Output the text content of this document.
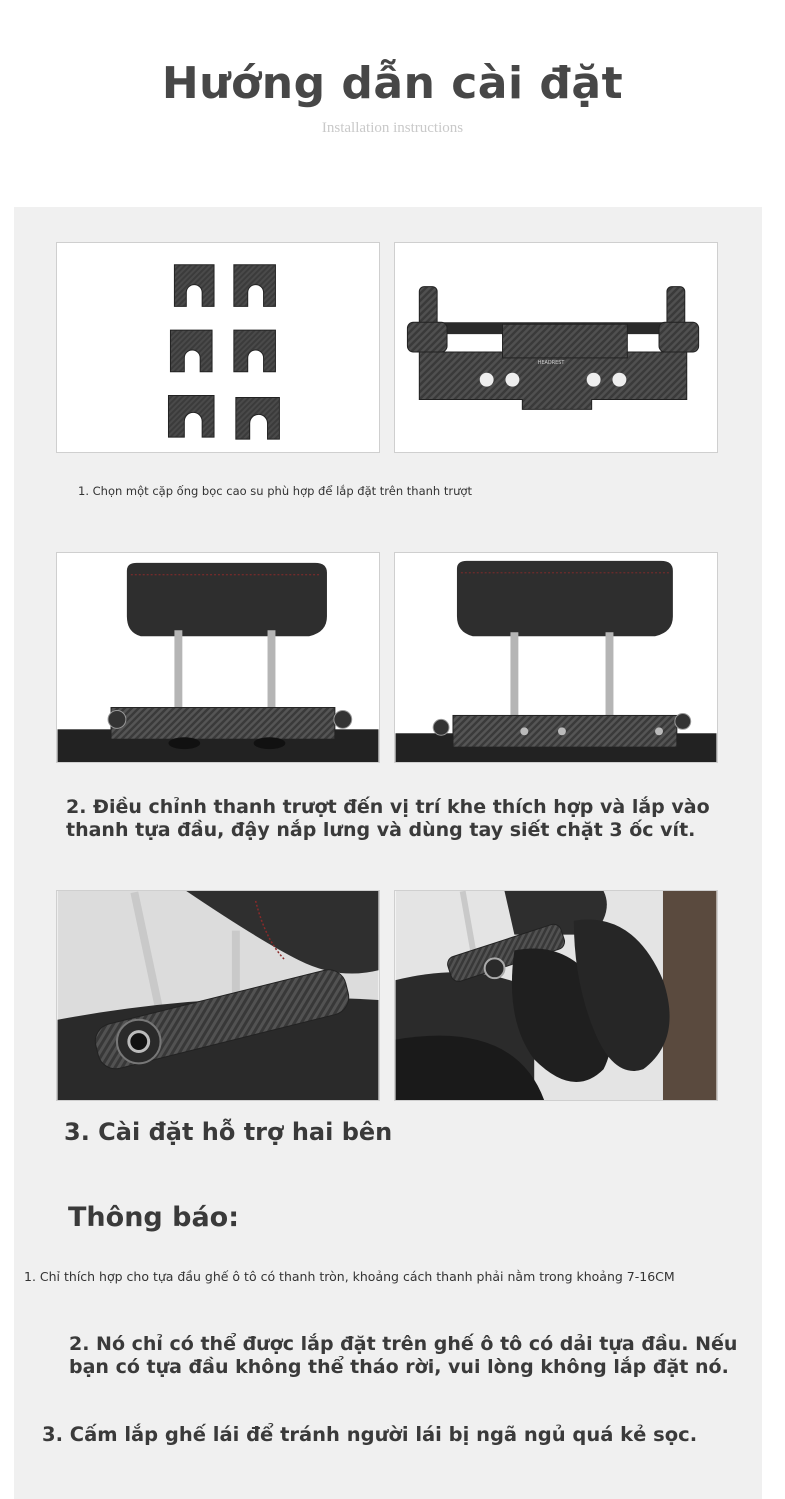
Hướng dẫn cài đặt
Installation instructions
HEADREST
1. Chọn một cặp ống bọc cao su phù hợp để lắp đặt trên thanh trượt
2. Điều chỉnh thanh trượt đến vị trí khe thích hợp và lắp vào thanh tựa đầu, đậy nắp lưng và dùng tay siết chặt 3 ốc vít.
3. Cài đặt hỗ trợ hai bên
Thông báo:
1. Chỉ thích hợp cho tựa đầu ghế ô tô có thanh tròn, khoảng cách thanh phải nằm trong khoảng 7-16CM
2. Nó chỉ có thể được lắp đặt trên ghế ô tô có dải tựa đầu. Nếu bạn có tựa đầu không thể tháo rời, vui lòng không lắp đặt nó.
3. Cấm lắp ghế lái để tránh người lái bị ngã ngủ quá kẻ sọc.
